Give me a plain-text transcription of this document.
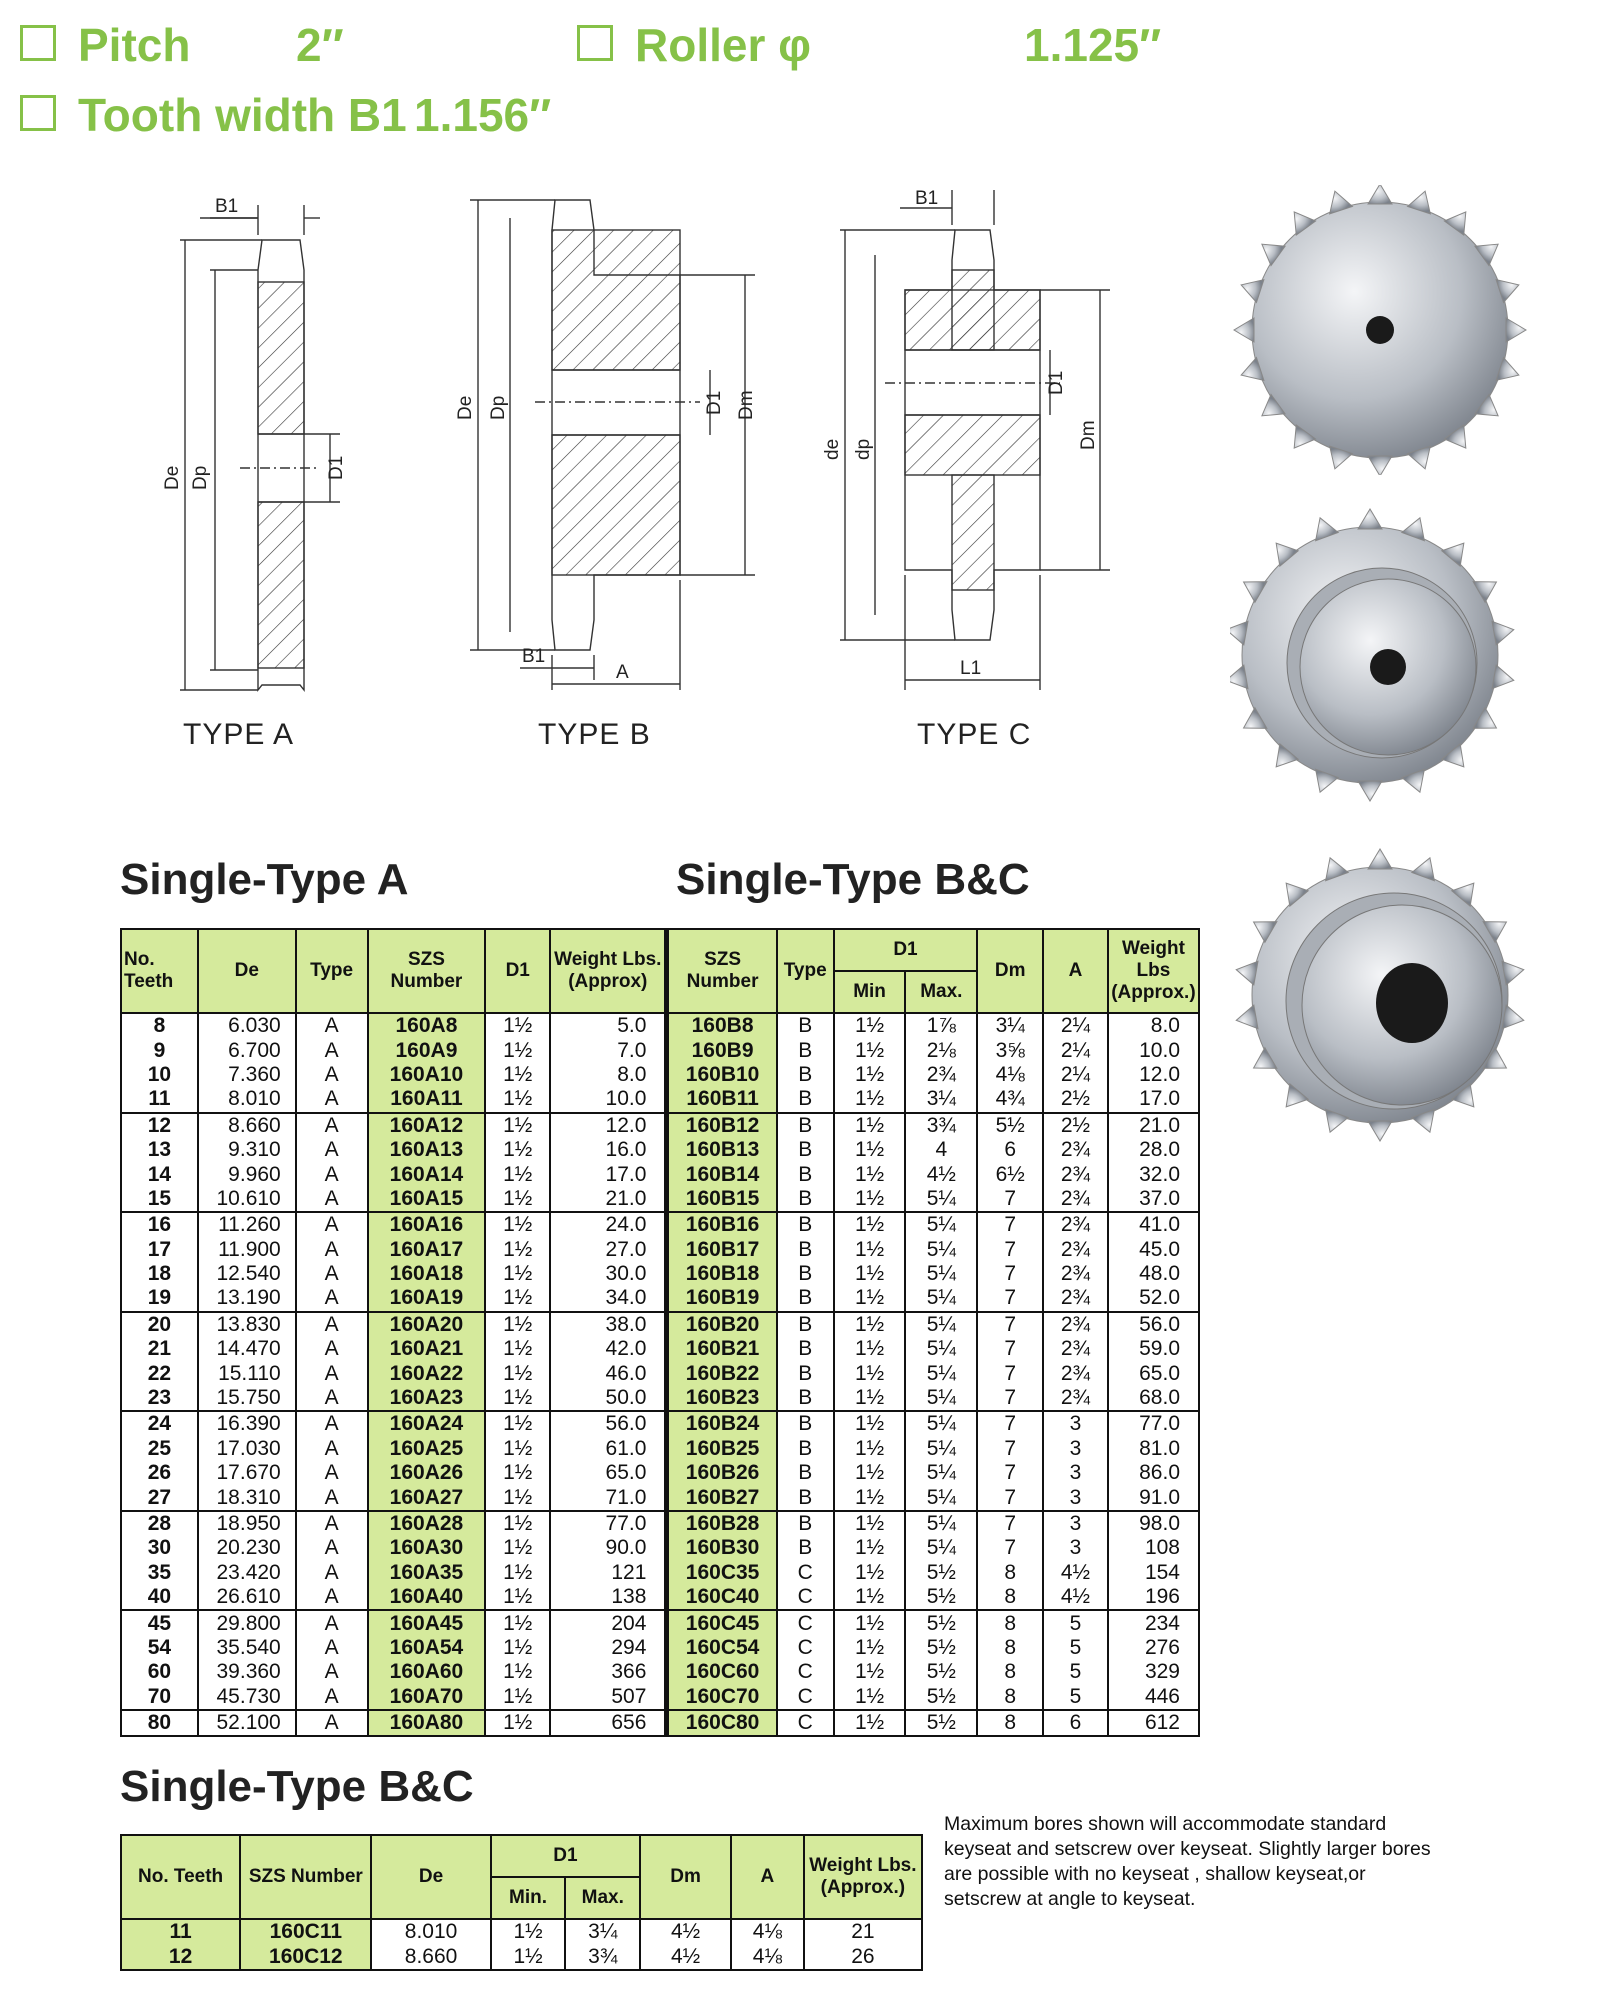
Pitch 2″	Roller φ	1.125″
Tooth width B1 1.156″
B1
De Dp	D1
De Dp	D1 Dm
B1
A
B1
de dp
D1
Dm
L1
TYPE A	TYPE B	TYPE C
Single-Type A	Single-Type B&C
No. Teeth	De	Type	SZS Number	D1	Weight Lbs. (Approx)	SZS Number	Type	D1		Dm	A	Weight Lbs (Approx.)
								Min	Max.			
8	6.030	A	160A8	1½	5.0	160B8	B	1½	1⅞	3¼	2¼	8.0
9	6.700	A	160A9	1½	7.0	160B9	B	1½	2⅛	3⅝	2¼	10.0
10	7.360	A	160A10	1½	8.0	160B10	B	1½	2¾	4⅛	2¼	12.0
11	8.010	A	160A11	1½	10.0	160B11	B	1½	3¼	4¾	2½	17.0
12	8.660	A	160A12	1½	12.0	160B12	B	1½	3¾	5½	2½	21.0
13	9.310	A	160A13	1½	16.0	160B13	B	1½	4	6	2¾	28.0
14	9.960	A	160A14	1½	17.0	160B14	B	1½	4½	6½	2¾	32.0
15	10.610	A	160A15	1½	21.0	160B15	B	1½	5¼	7	2¾	37.0
16	11.260	A	160A16	1½	24.0	160B16	B	1½	5¼	7	2¾	41.0
17	11.900	A	160A17	1½	27.0	160B17	B	1½	5¼	7	2¾	45.0
18	12.540	A	160A18	1½	30.0	160B18	B	1½	5¼	7	2¾	48.0
19	13.190	A	160A19	1½	34.0	160B19	B	1½	5¼	7	2¾	52.0
20	13.830	A	160A20	1½	38.0	160B20	B	1½	5¼	7	2¾	56.0
21	14.470	A	160A21	1½	42.0	160B21	B	1½	5¼	7	2¾	59.0
22	15.110	A	160A22	1½	46.0	160B22	B	1½	5¼	7	2¾	65.0
23	15.750	A	160A23	1½	50.0	160B23	B	1½	5¼	7	2¾	68.0
24	16.390	A	160A24	1½	56.0	160B24	B	1½	5¼	7	3	77.0
25	17.030	A	160A25	1½	61.0	160B25	B	1½	5¼	7	3	81.0
26	17.670	A	160A26	1½	65.0	160B26	B	1½	5¼	7	3	86.0
27	18.310	A	160A27	1½	71.0	160B27	B	1½	5¼	7	3	91.0
28	18.950	A	160A28	1½	77.0	160B28	B	1½	5¼	7	3	98.0
30	20.230	A	160A30	1½	90.0	160B30	B	1½	5¼	7	3	108
35	23.420	A	160A35	1½	121	160C35	C	1½	5½	8	4½	154
40	26.610	A	160A40	1½	138	160C40	C	1½	5½	8	4½	196
45	29.800	A	160A45	1½	204	160C45	C	1½	5½	8	5	234
54	35.540	A	160A54	1½	294	160C54	C	1½	5½	8	5	276
60	39.360	A	160A60	1½	366	160C60	C	1½	5½	8	5	329
70	45.730	A	160A70	1½	507	160C70	C	1½	5½	8	5	446
80	52.100	A	160A80	1½	656	160C80	C	1½	5½	8	6	612
Single-Type B&C
No. Teeth	SZS Number	De	D1		Dm	A	Weight Lbs. (Approx.)
			Min.	Max.			
11	160C11	8.010	1½	3¼	4½	4⅛	21
12	160C12	8.660	1½	3¾	4½	4⅛	26
Maximum bores shown will accommodate standard keyseat and setscrew over keyseat. Slightly larger bores are possible with no keyseat , shallow keyseat,or setscrew at angle to keyseat.
